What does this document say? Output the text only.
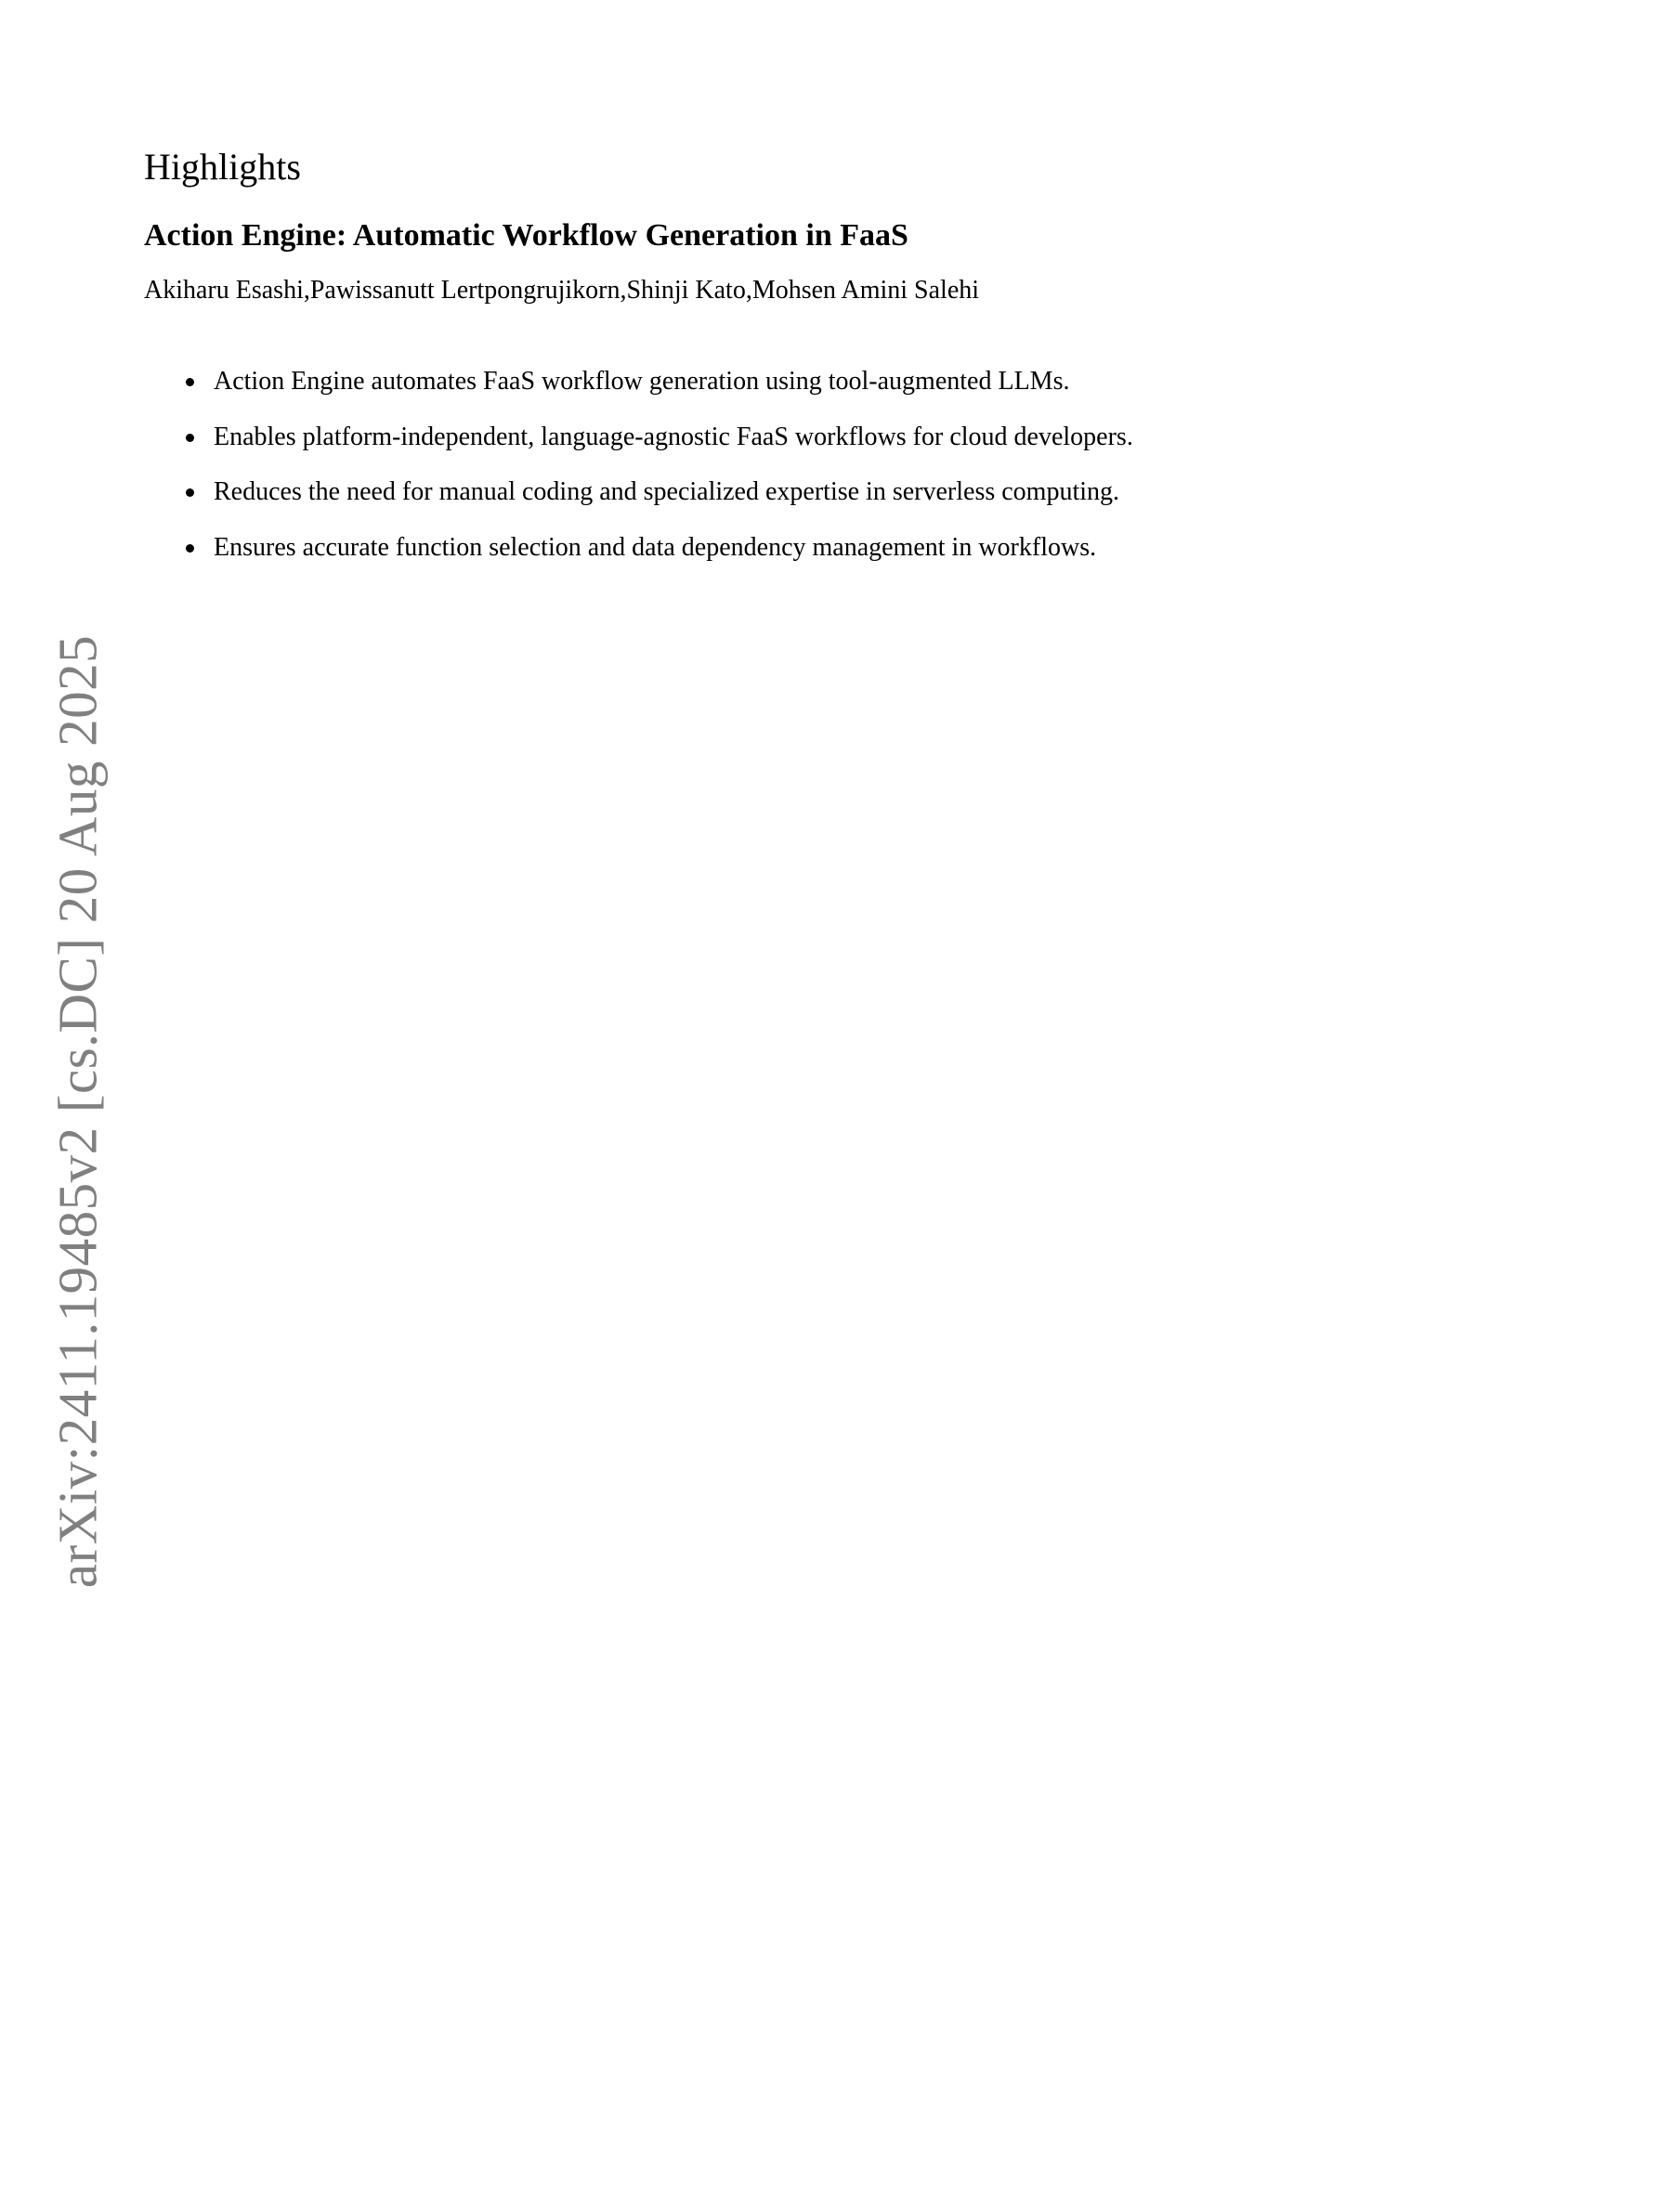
arXiv:2411.19485v2 [cs.DC] 20 Aug 2025
Highlights
Action Engine: Automatic Workflow Generation in FaaS

Akiharu Esashi,Pawissanutt Lertpongrujikorn,Shinji Kato,Mohsen Amini Salehi

Action Engine automates FaaS workflow generation using tool-augmented LLMs.
Enables platform-independent, language-agnostic FaaS workflows for cloud developers.
Reduces the need for manual coding and specialized expertise in serverless computing.
Ensures accurate function selection and data dependency management in workflows.
